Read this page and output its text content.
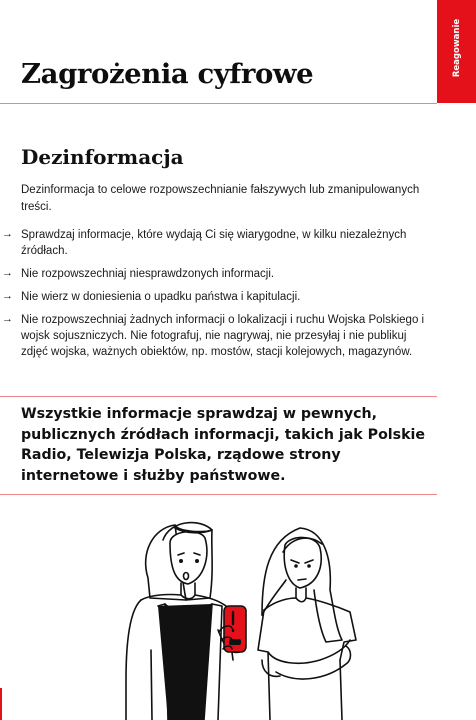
Reagowanie
Zagrożenia cyfrowe
Dezinformacja

Dezinformacja to celowe rozpowszechnianie fałszywych lub zmanipulowanych treści.

→ Sprawdzaj informacje, które wydają Ci się wiarygodne, w kilku niezależnych źródłach.
→ Nie rozpowszechniaj niesprawdzonych informacji.
→ Nie wierz w doniesienia o upadku państwa i kapitulacji.
→ Nie rozpowszechniaj żadnych informacji o lokalizacji i ruchu Wojska Polskiego i wojsk sojuszniczych. Nie fotografuj, nie nagrywaj, nie przesyłaj i nie publikuj zdjęć wojska, ważnych obiektów, np. mostów, stacji kolejowych, magazynów.

Wszystkie informacje sprawdzaj w pewnych, publicznych źródłach informacji, takich jak Polskie Radio, Telewizja Polska, rządowe strony internetowe i służby państwowe.
